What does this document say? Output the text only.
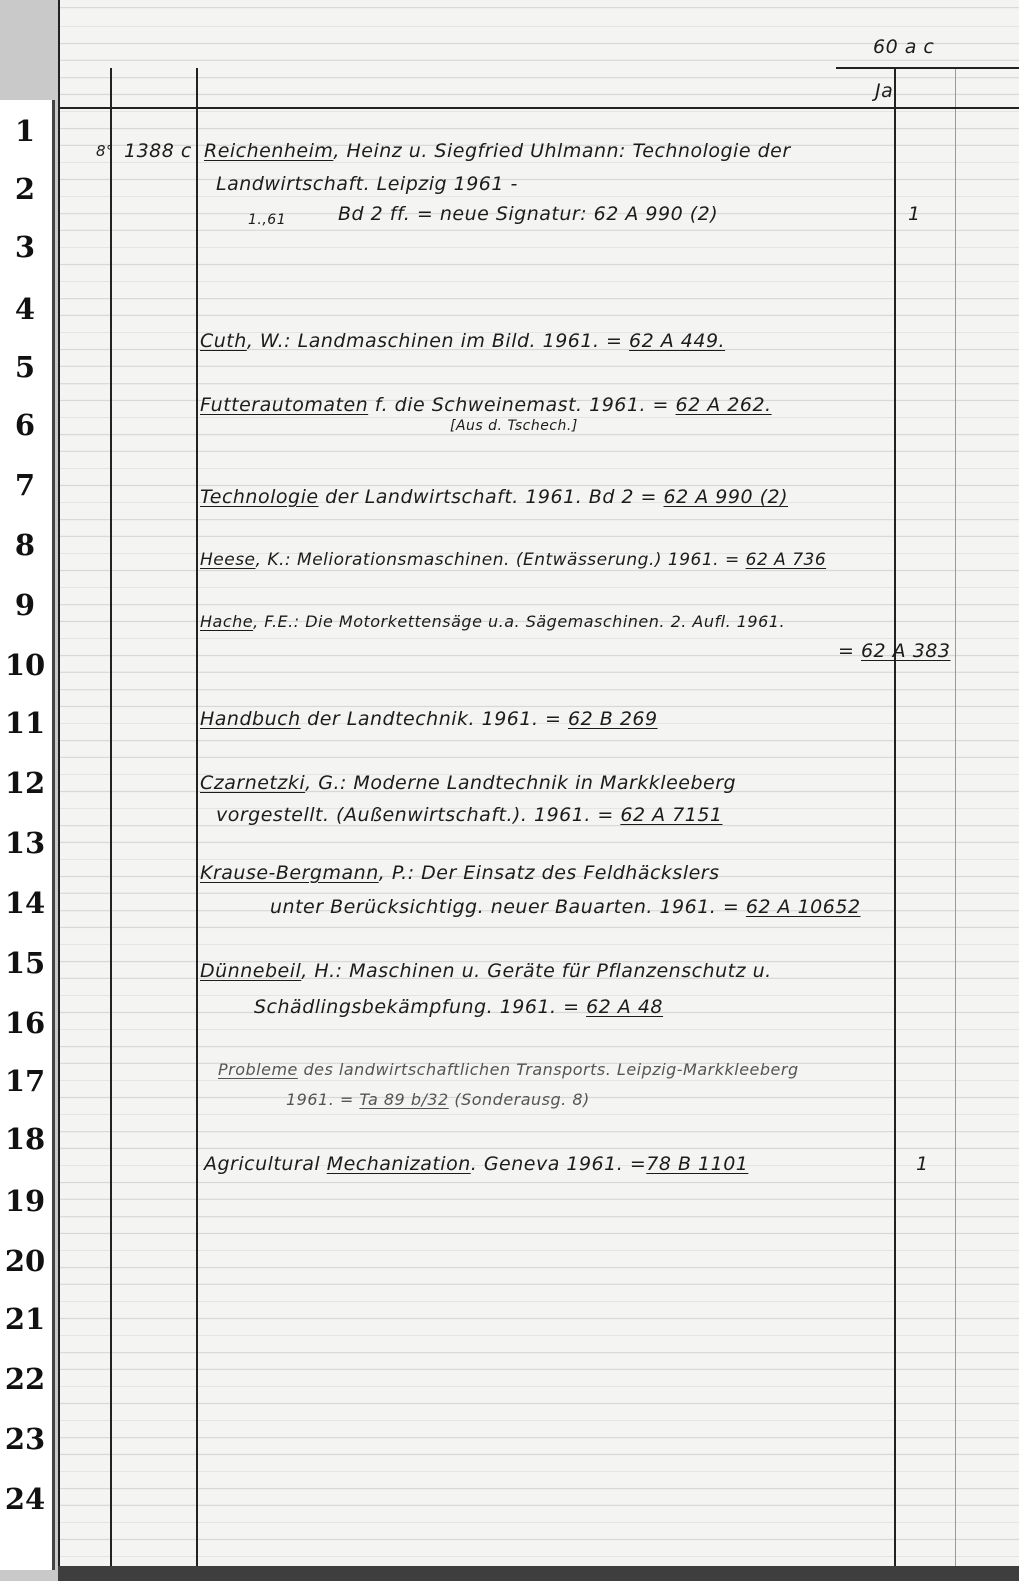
1
2
3
4
5
6
7
8
9
10
11
12
13
14
15
16
17
18
19
20
21
22
23
24
60 a c
Ja
8° 1388 c Reichenheim, Heinz u. Siegfried Uhlmann: Technologie der
Landwirtschaft. Leipzig 1961 -
1.,61	Bd 2 ff. = neue Signatur: 62 A 990 (2)	1
Cuth, W.: Landmaschinen im Bild. 1961. = 62 A 449.
Futterautomaten f. die Schweinemast. 1961. = 62 A 262.
[Aus d. Tschech.]
Technologie der Landwirtschaft. 1961. Bd 2 = 62 A 990 (2)
Heese, K.: Meliorationsmaschinen. (Entwässerung.) 1961. = 62 A 736
Hache, F.E.: Die Motorkettensäge u.a. Sägemaschinen. 2. Aufl. 1961.
= 62 A 383
Handbuch der Landtechnik. 1961. = 62 B 269
Czarnetzki, G.: Moderne Landtechnik in Markkleeberg
vorgestellt. (Außenwirtschaft.). 1961. = 62 A 7151
Krause-Bergmann, P.: Der Einsatz des Feldhäckslers
unter Berücksichtigg. neuer Bauarten. 1961. = 62 A 10652
Dünnebeil, H.: Maschinen u. Geräte für Pflanzenschutz u.
Schädlingsbekämpfung. 1961. = 62 A 48
Probleme des landwirtschaftlichen Transports. Leipzig-Markkleeberg
1961. = Ta 89 b/32 (Sonderausg. 8)
Agricultural Mechanization. Geneva 1961. =78 B 1101	1
